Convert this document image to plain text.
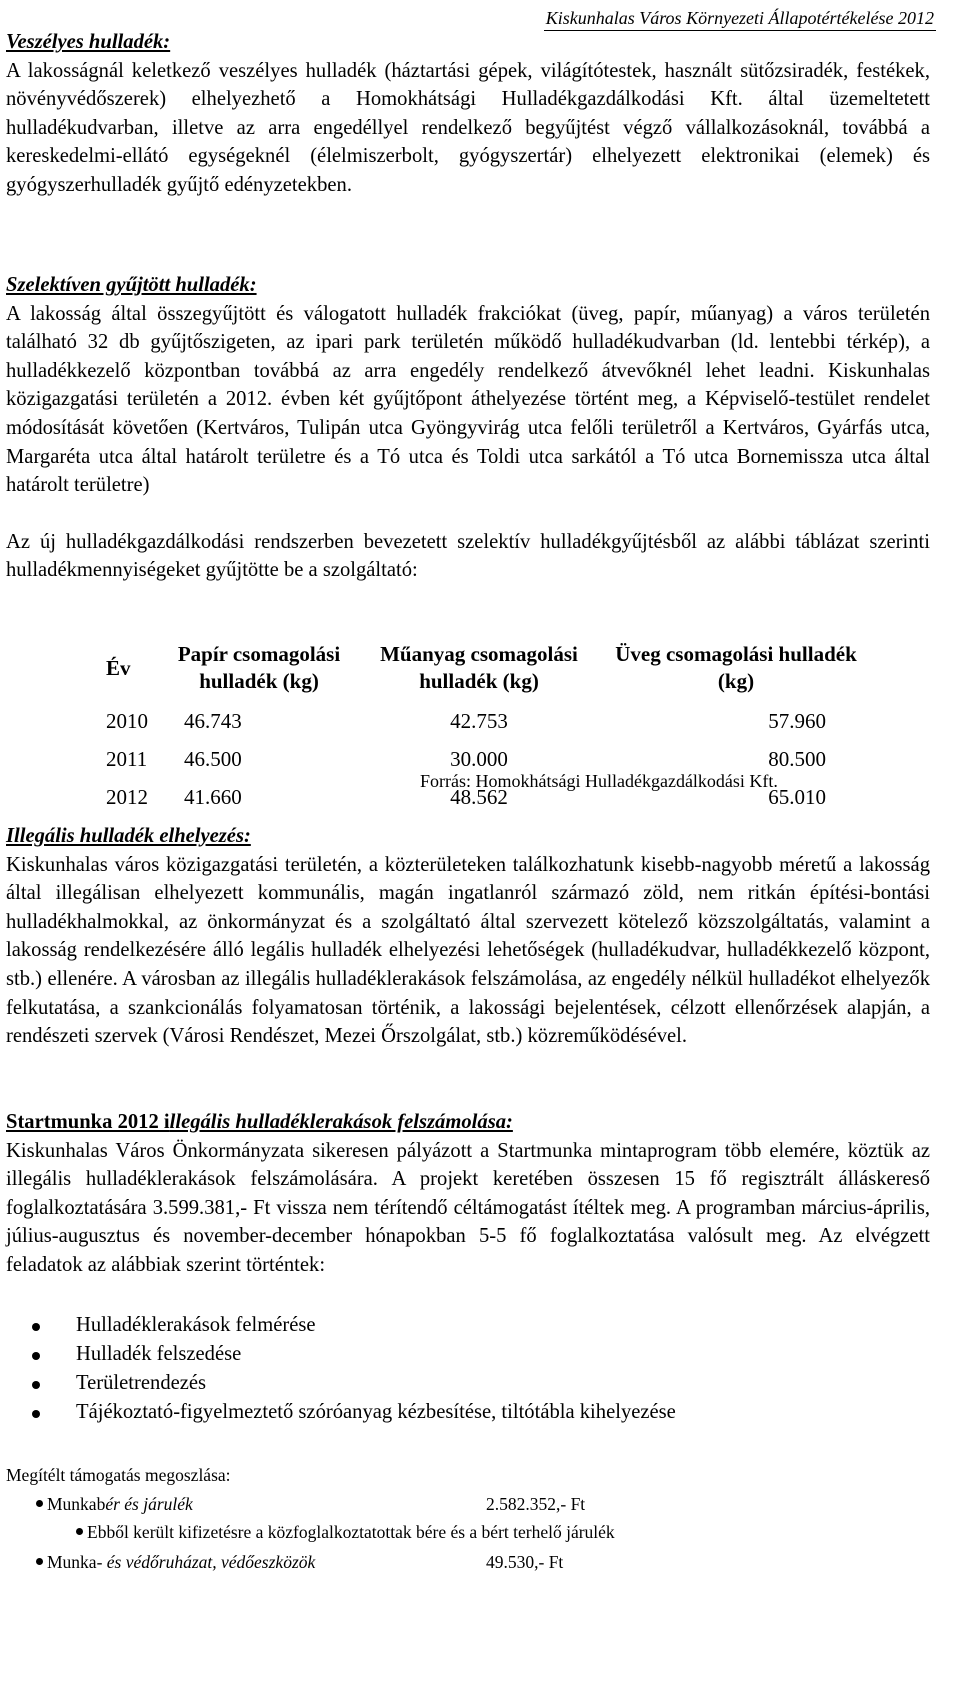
Kiskunhalas Város Környezeti Állapotértékelése 2012
Veszélyes hulladék:

A lakosságnál keletkező veszélyes hulladék (háztartási gépek, világítótestek, használt sütőzsiradék, festékek, növényvédőszerek) elhelyezhető a Homokhátsági Hulladékgazdálkodási Kft. által üzemeltetett hulladékudvarban, illetve az arra engedéllyel rendelkező begyűjtést végző vállalkozásoknál, továbbá a kereskedelmi-ellátó egységeknél (élelmiszerbolt, gyógyszertár) elhelyezett elektronikai (elemek) és gyógyszerhulladék gyűjtő edényzetekben.

Szelektíven gyűjtött hulladék:

A lakosság által összegyűjtött és válogatott hulladék frakciókat (üveg, papír, műanyag) a város területén található 32 db gyűjtőszigeten, az ipari park területén működő hulladékudvarban (ld. lentebbi térkép), a hulladékkezelő központban továbbá az arra engedély rendelkező átvevőknél lehet leadni. Kiskunhalas közigazgatási területén a 2012. évben két gyűjtőpont áthelyezése történt meg, a Képviselő-testület rendelet módosítását követően (Kertváros, Tulipán utca Gyöngyvirág utca felőli területről a Kertváros, Gyárfás utca, Margaréta utca által határolt területre és a Tó utca és Toldi utca sarkától a Tó utca Bornemissza utca által határolt területre)

Az új hulladékgazdálkodási rendszerben bevezetett szelektív hulladékgyűjtésből az alábbi táblázat szerinti hulladékmennyiségeket gyűjtötte be a szolgáltató:

Év	Papír csomagolási hulladék (kg)	Műanyag csomagolási hulladék (kg)	Üveg csomagolási hulladék (kg)
2010	46.743	42.753	57.960
2011	46.500	30.000	80.500
2012	41.660	48.562	65.010
Forrás: Homokhátsági Hulladékgazdálkodási Kft.
Illegális hulladék elhelyezés:

Kiskunhalas város közigazgatási területén, a közterületeken találkozhatunk kisebb-nagyobb méretű a lakosság által illegálisan elhelyezett kommunális, magán ingatlanról származó zöld, nem ritkán építési-bontási hulladékhalmokkal, az önkormányzat és a szolgáltató által szervezett kötelező közszolgáltatás, valamint a lakosság rendelkezésére álló legális hulladék elhelyezési lehetőségek (hulladékudvar, hulladékkezelő központ, stb.) ellenére. A városban az illegális hulladéklerakások felszámolása, az engedély nélkül hulladékot elhelyezők felkutatása, a szankcionálás folyamatosan történik, a lakossági bejelentések, célzott ellenőrzések alapján, a rendészeti szervek (Városi Rendészet, Mezei Őrszolgálat, stb.) közreműködésével.

Startmunka 2012 illegális hulladéklerakások felszámolása:

Kiskunhalas Város Önkormányzata sikeresen pályázott a Startmunka mintaprogram több elemére, köztük az illegális hulladéklerakások felszámolására. A projekt keretében összesen 15 fő regisztrált álláskereső foglalkoztatására 3.599.381,- Ft vissza nem térítendő céltámogatást ítéltek meg. A programban március-április, július-augusztus és november-december hónapokban 5-5 fő foglalkoztatása valósult meg. Az elvégzett feladatok az alábbiak szerint történtek:

Hulladéklerakások felmérése
Hulladék felszedése
Területrendezés
Tájékoztató-figyelmeztető szóróanyag kézbesítése, tiltótábla kihelyezése
Megítélt támogatás megoszlása:
Munkabér és járulék	2.582.352,- Ft
Ebből került kifizetésre a közfoglalkoztatottak bére és a bért terhelő járulék
Munka- és védőruházat, védőeszközök	49.530,- Ft
